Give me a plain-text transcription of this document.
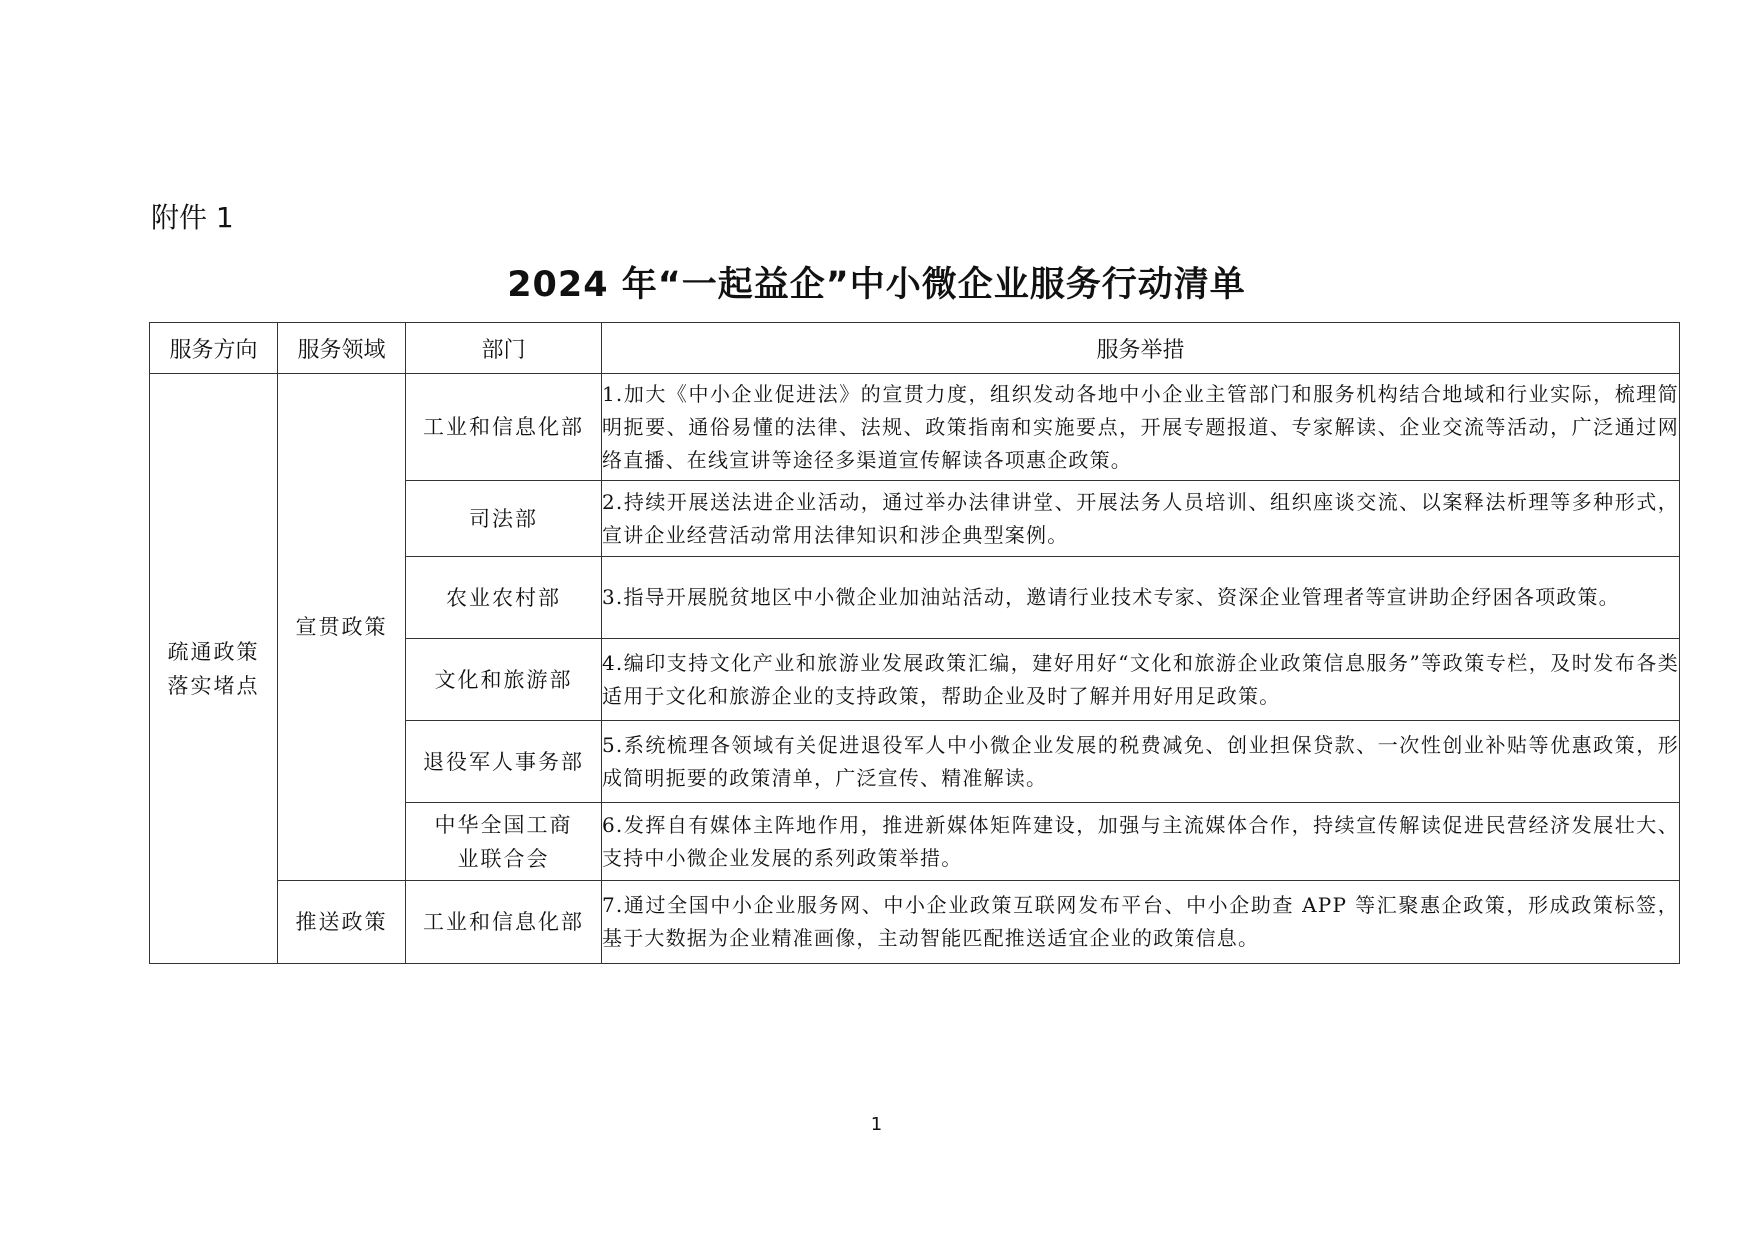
附件 1
2024 年“一起益企”中小微企业服务行动清单
服务方向	服务领域	部门	服务举措
疏通政策落实堵点	宣贯政策	工业和信息化部	1.加大《中小企业促进法》的宣贯力度，组织发动各地中小企业主管部门和服务机构结合地域和行业实际，梳理简明扼要、通俗易懂的法律、法规、政策指南和实施要点，开展专题报道、专家解读、企业交流等活动，广泛通过网络直播、在线宣讲等途径多渠道宣传解读各项惠企政策。
		司法部	2.持续开展送法进企业活动，通过举办法律讲堂、开展法务人员培训、组织座谈交流、以案释法析理等多种形式，宣讲企业经营活动常用法律知识和涉企典型案例。
		农业农村部	3.指导开展脱贫地区中小微企业加油站活动，邀请行业技术专家、资深企业管理者等宣讲助企纾困各项政策。
		文化和旅游部	4.编印支持文化产业和旅游业发展政策汇编，建好用好“文化和旅游企业政策信息服务”等政策专栏，及时发布各类适用于文化和旅游企业的支持政策，帮助企业及时了解并用好用足政策。
		退役军人事务部	5.系统梳理各领域有关促进退役军人中小微企业发展的税费减免、创业担保贷款、一次性创业补贴等优惠政策，形成简明扼要的政策清单，广泛宣传、精准解读。
		中华全国工商业联合会	6.发挥自有媒体主阵地作用，推进新媒体矩阵建设，加强与主流媒体合作，持续宣传解读促进民营经济发展壮大、支持中小微企业发展的系列政策举措。
	推送政策	工业和信息化部	7.通过全国中小企业服务网、中小企业政策互联网发布平台、中小企助查 APP 等汇聚惠企政策，形成政策标签，基于大数据为企业精准画像，主动智能匹配推送适宜企业的政策信息。
1
